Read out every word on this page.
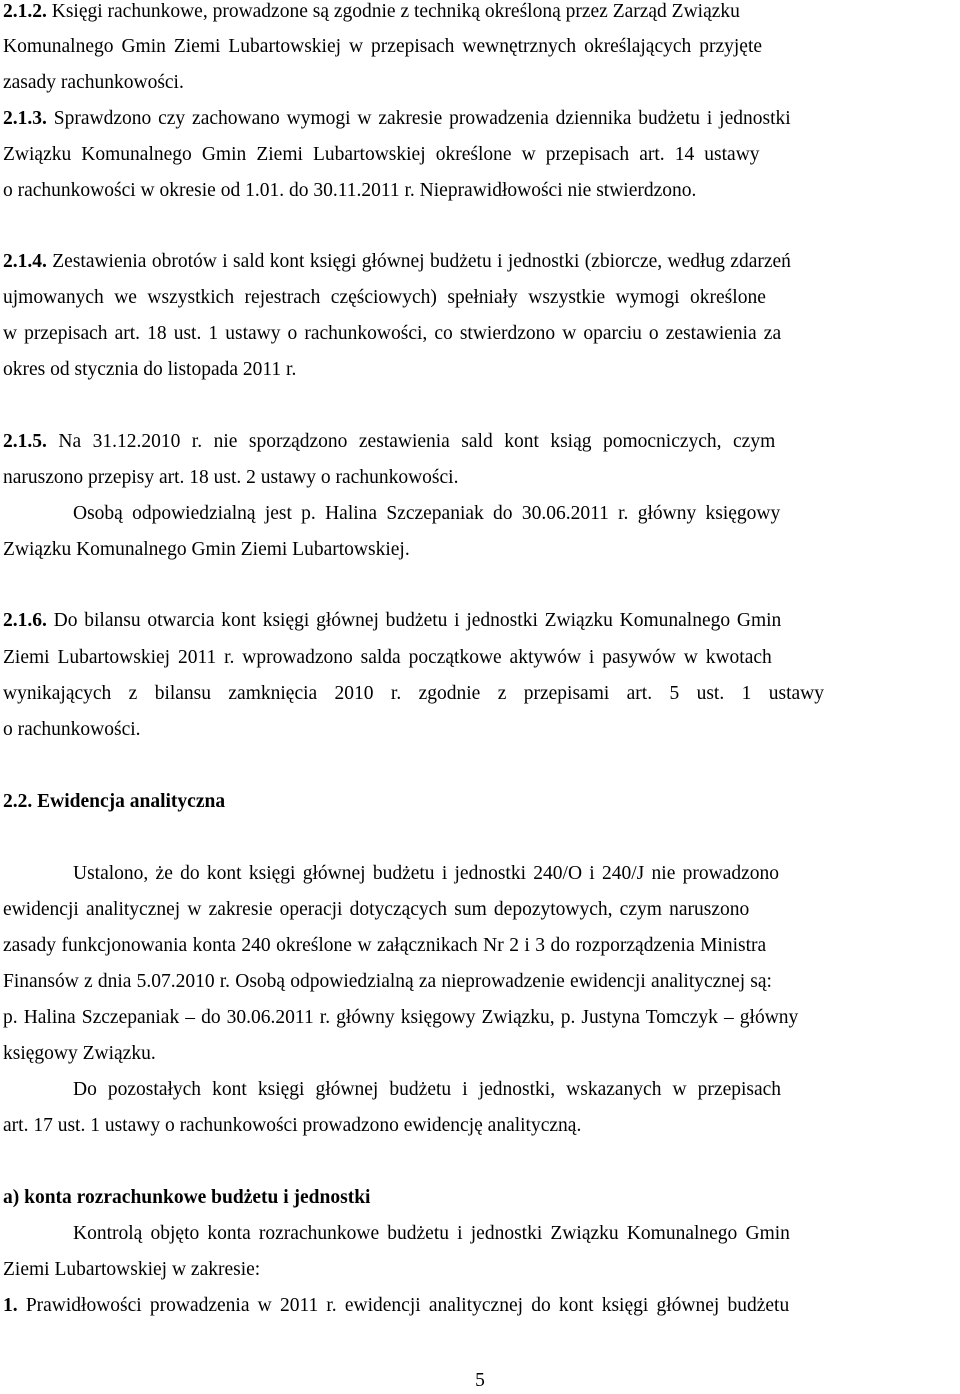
2.1.2. Księgi rachunkowe, prowadzone są zgodnie z techniką określoną przez Zarząd Związku
Komunalnego Gmin Ziemi Lubartowskiej w przepisach wewnętrznych określających przyjęte
zasady rachunkowości.
2.1.3. Sprawdzono czy zachowano wymogi w zakresie prowadzenia dziennika budżetu i jednostki
Związku Komunalnego Gmin Ziemi Lubartowskiej określone w przepisach art. 14 ustawy
o rachunkowości w okresie od 1.01. do 30.11.2011 r. Nieprawidłowości nie stwierdzono.
2.1.4. Zestawienia obrotów i sald kont księgi głównej budżetu i jednostki (zbiorcze, według zdarzeń
ujmowanych we wszystkich rejestrach częściowych) spełniały wszystkie wymogi określone
w przepisach art. 18 ust. 1 ustawy o rachunkowości, co stwierdzono w oparciu o zestawienia za
okres od stycznia do listopada 2011 r.
2.1.5. Na 31.12.2010 r. nie sporządzono zestawienia sald kont ksiąg pomocniczych, czym
naruszono przepisy art. 18 ust. 2 ustawy o rachunkowości.
Osobą odpowiedzialną jest p. Halina Szczepaniak do 30.06.2011 r. główny księgowy
Związku Komunalnego Gmin Ziemi Lubartowskiej.
2.1.6. Do bilansu otwarcia kont księgi głównej budżetu i jednostki Związku Komunalnego Gmin
Ziemi Lubartowskiej 2011 r. wprowadzono salda początkowe aktywów i pasywów w kwotach
wynikających z bilansu zamknięcia 2010 r. zgodnie z przepisami art. 5 ust. 1 ustawy
o rachunkowości.
2.2. Ewidencja analityczna
Ustalono, że do kont księgi głównej budżetu i jednostki 240/O i 240/J nie prowadzono
ewidencji analitycznej w zakresie operacji dotyczących sum depozytowych, czym naruszono
zasady funkcjonowania konta 240 określone w załącznikach Nr 2 i 3 do rozporządzenia Ministra
Finansów z dnia 5.07.2010 r. Osobą odpowiedzialną za nieprowadzenie ewidencji analitycznej są:
p. Halina Szczepaniak – do 30.06.2011 r. główny księgowy Związku, p. Justyna Tomczyk – główny
księgowy Związku.
Do pozostałych kont księgi głównej budżetu i jednostki, wskazanych w przepisach
art. 17 ust. 1 ustawy o rachunkowości prowadzono ewidencję analityczną.
a) konta rozrachunkowe budżetu i jednostki
Kontrolą objęto konta rozrachunkowe budżetu i jednostki Związku Komunalnego Gmin
Ziemi Lubartowskiej w zakresie:
1. Prawidłowości prowadzenia w 2011 r. ewidencji analitycznej do kont księgi głównej budżetu
5
